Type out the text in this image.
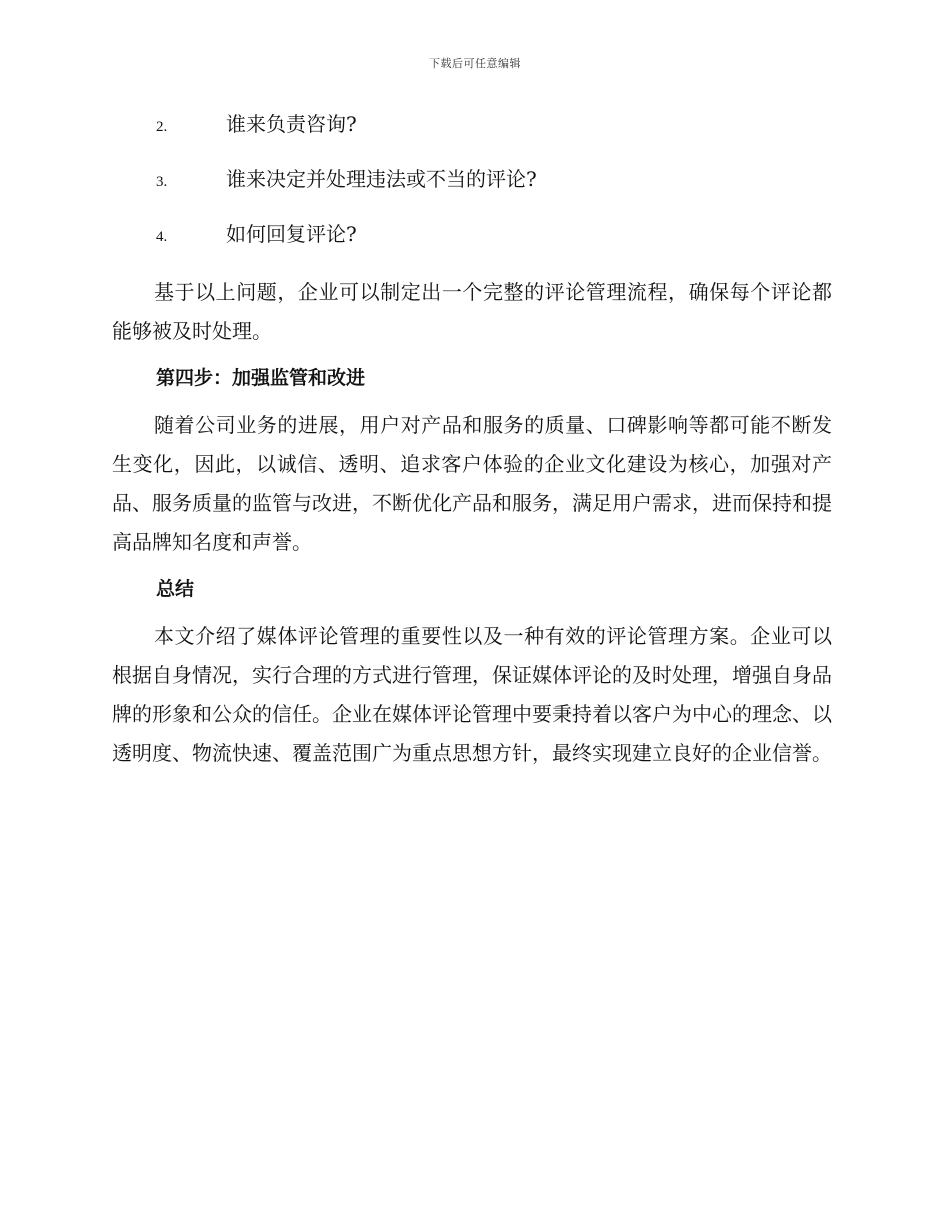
下载后可任意编辑
2.	谁来负责咨询?
3.	谁来决定并处理违法或不当的评论?
4.	如何回复评论?

基于以上问题，企业可以制定出一个完整的评论管理流程，确保每个评论都能够被及时处理。

第四步：加强监管和改进

随着公司业务的进展，用户对产品和服务的质量、口碑影响等都可能不断发生变化，因此，以诚信、透明、追求客户体验的企业文化建设为核心，加强对产品、服务质量的监管与改进，不断优化产品和服务，满足用户需求，进而保持和提高品牌知名度和声誉。

总结

本文介绍了媒体评论管理的重要性以及一种有效的评论管理方案。企业可以根据自身情况，实行合理的方式进行管理，保证媒体评论的及时处理，增强自身品牌的形象和公众的信任。企业在媒体评论管理中要秉持着以客户为中心的理念、以透明度、物流快速、覆盖范围广为重点思想方针，最终实现建立良好的企业信誉。
